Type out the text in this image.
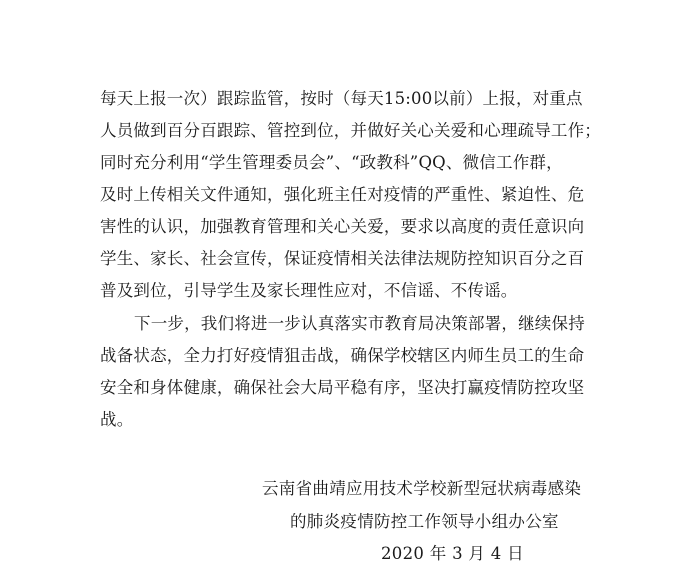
每天上报一次）跟踪监管，按时（每天15:00以前）上报，对重点
人员做到百分百跟踪、管控到位，并做好关心关爱和心理疏导工作；
同时充分利用“学生管理委员会”、“政教科”QQ、微信工作群，
及时上传相关文件通知，强化班主任对疫情的严重性、紧迫性、危
害性的认识，加强教育管理和关心关爱，要求以高度的责任意识向
学生、家长、社会宣传，保证疫情相关法律法规防控知识百分之百
普及到位，引导学生及家长理性应对，不信谣、不传谣。
下一步，我们将进一步认真落实市教育局决策部署，继续保持
战备状态，全力打好疫情狙击战，确保学校辖区内师生员工的生命
安全和身体健康，确保社会大局平稳有序，坚决打赢疫情防控攻坚
战。
云南省曲靖应用技术学校新型冠状病毒感染
的肺炎疫情防控工作领导小组办公室
2020 年 3 月 4 日
